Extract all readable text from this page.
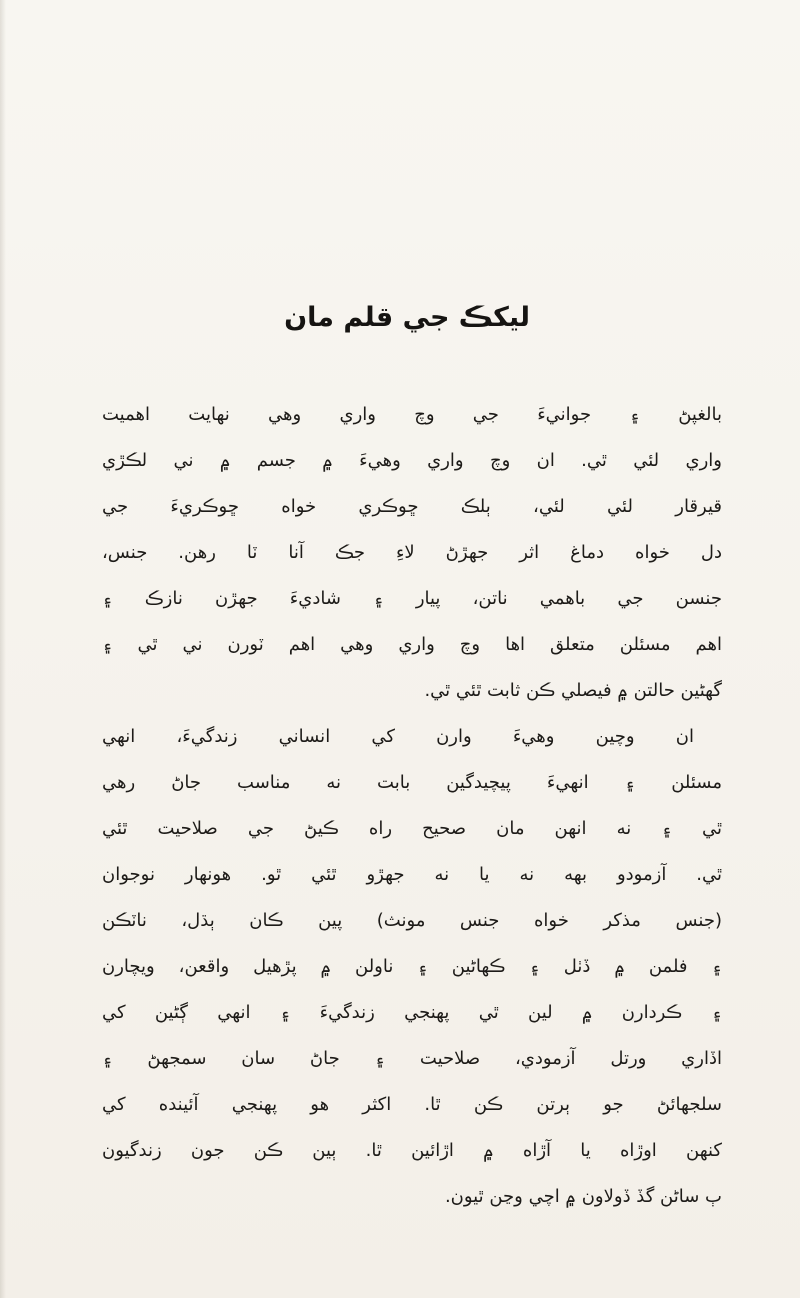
ليکڪ جي قلم مان
بالغپڻ ۽ جوانيءَ جي وچ واري وهي نهايت اهميت
واري لئي ٿي. ان وچ واري وهيءَ ۾ جسم ۾ ني لڪڙي
قيرقار لئي لئي، ٻلڪ ڇوڪري خواه ڇوڪريءَ جي
دل خواه دماغ اثر جهڙڻ لاءِ جڪ آنا ٽا رهن. جنس،
جنسن جي باهمي ناتن، پيار ۽ شاديءَ جهڙن نازڪ ۽
اهم مسئلن متعلق اها وچ واري وهي اهم ٽورن ني ٿي ۽
گهڻين حالتن ۾ فيصلي ڪن ثابت ٿئي ٿي.
ان وچين وهيءَ وارن کي انساني زندگيءَ، انهي
مسئلن ۽ انهيءَ پيچيدگين بابت نه مناسب جاڻ رهي
ٿي ۽ نه انهن مان صحيح راه ڪيڻ جي صلاحيت ٿئي
ٿي. آزمودو بهه نه يا نه جهڙو ٿئي ٿو. هونهار نوجوان
(جنس مذکر خواه جنس مونث) پين ڪان ٻڌل، ناٽڪن
۽ فلمن ۾ ڏٺل ۽ ڪهاڻين ۽ ناولن ۾ پڙهيل واقعن، ويچارن
۽ ڪردارن ۾ لين ٿي پهنجي زندگيءَ ۽ انهي ڳڻين کي
اڏاري ورتل آزمودي، صلاحيت ۽ جاڻ سان سمجهڻ ۽
سلجهائڻ جو ٻرتن ڪن ٿا. اکثر هو پهنجي آئينده کي
کنهن اوڙاه يا آڙاه ۾ اڙائين ٿا. ٻين ڪن جون زندگيون
ٻ ساڻن گڏ ڏولاون ۾ اچي وڃن ٿيون.
